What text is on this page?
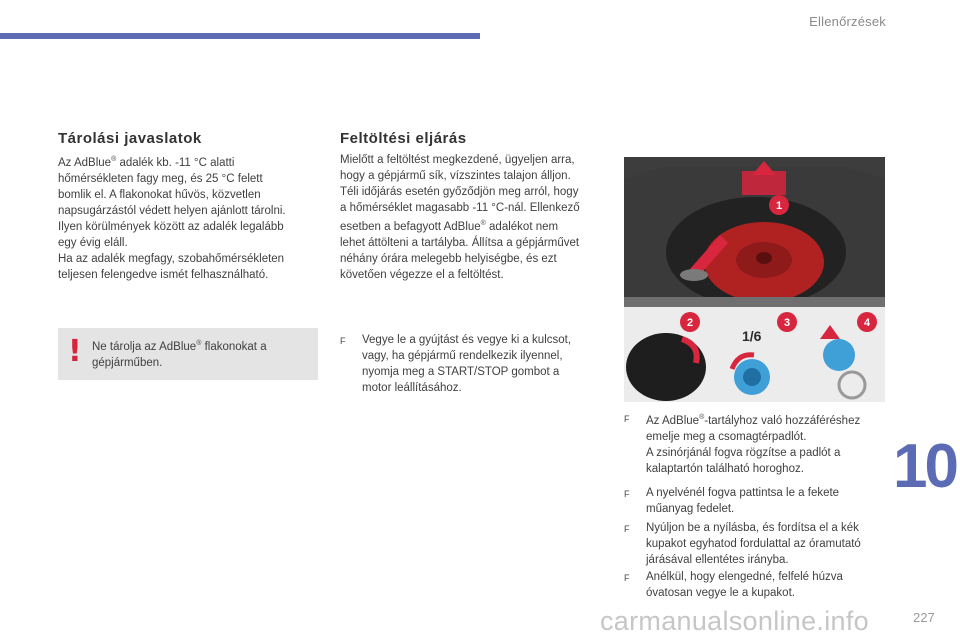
Ellenőrzések
Tárolási javaslatok
Az AdBlue® adalék kb. -11 °C alatti
hőmérsékleten fagy meg, és 25 °C felett
bomlik el. A flakonokat hűvös, közvetlen
napsugárzástól védett helyen ajánlott tárolni.
Ilyen körülmények között az adalék legalább
egy évig eláll.
Ha az adalék megfagy, szobahőmérsékleten
teljesen felengedve ismét felhasználható.
! Ne tárolja az AdBlue® flakonokat a
gépjárműben.
Feltöltési eljárás
Mielőtt a feltöltést megkezdené, ügyeljen arra,
hogy a gépjármű sík, vízszintes talajon álljon.
Téli időjárás esetén győződjön meg arról, hogy
a hőmérséklet magasabb -11 °C-nál. Ellenkező
esetben a befagyott AdBlue® adalékot nem
lehet áttölteni a tartályba. Állítsa a gépjárművet
néhány órára melegebb helyiségbe, és ezt
követően végezze el a feltöltést.
F Vegye le a gyújtást és vegye ki a kulcsot,
vagy, ha gépjármű rendelkezik ilyennel,
nyomja meg a START/STOP gombot a
motor leállításához.
1
2	3	4
1/6
F Az AdBlue®-tartályhoz való hozzáféréshez
emelje meg a csomagtérpadlót.
A zsinórjánál fogva rögzítse a padlót a
kalaptartón található horoghoz.
F A nyelvénél fogva pattintsa le a fekete
műanyag fedelet.
F Nyúljon be a nyílásba, és fordítsa el a kék
kupakot egyhatod fordulattal az óramutató
járásával ellentétes irányba.
F Anélkül, hogy elengedné, felfelé húzva
óvatosan vegye le a kupakot.
10
carmanualsonline.info	227
